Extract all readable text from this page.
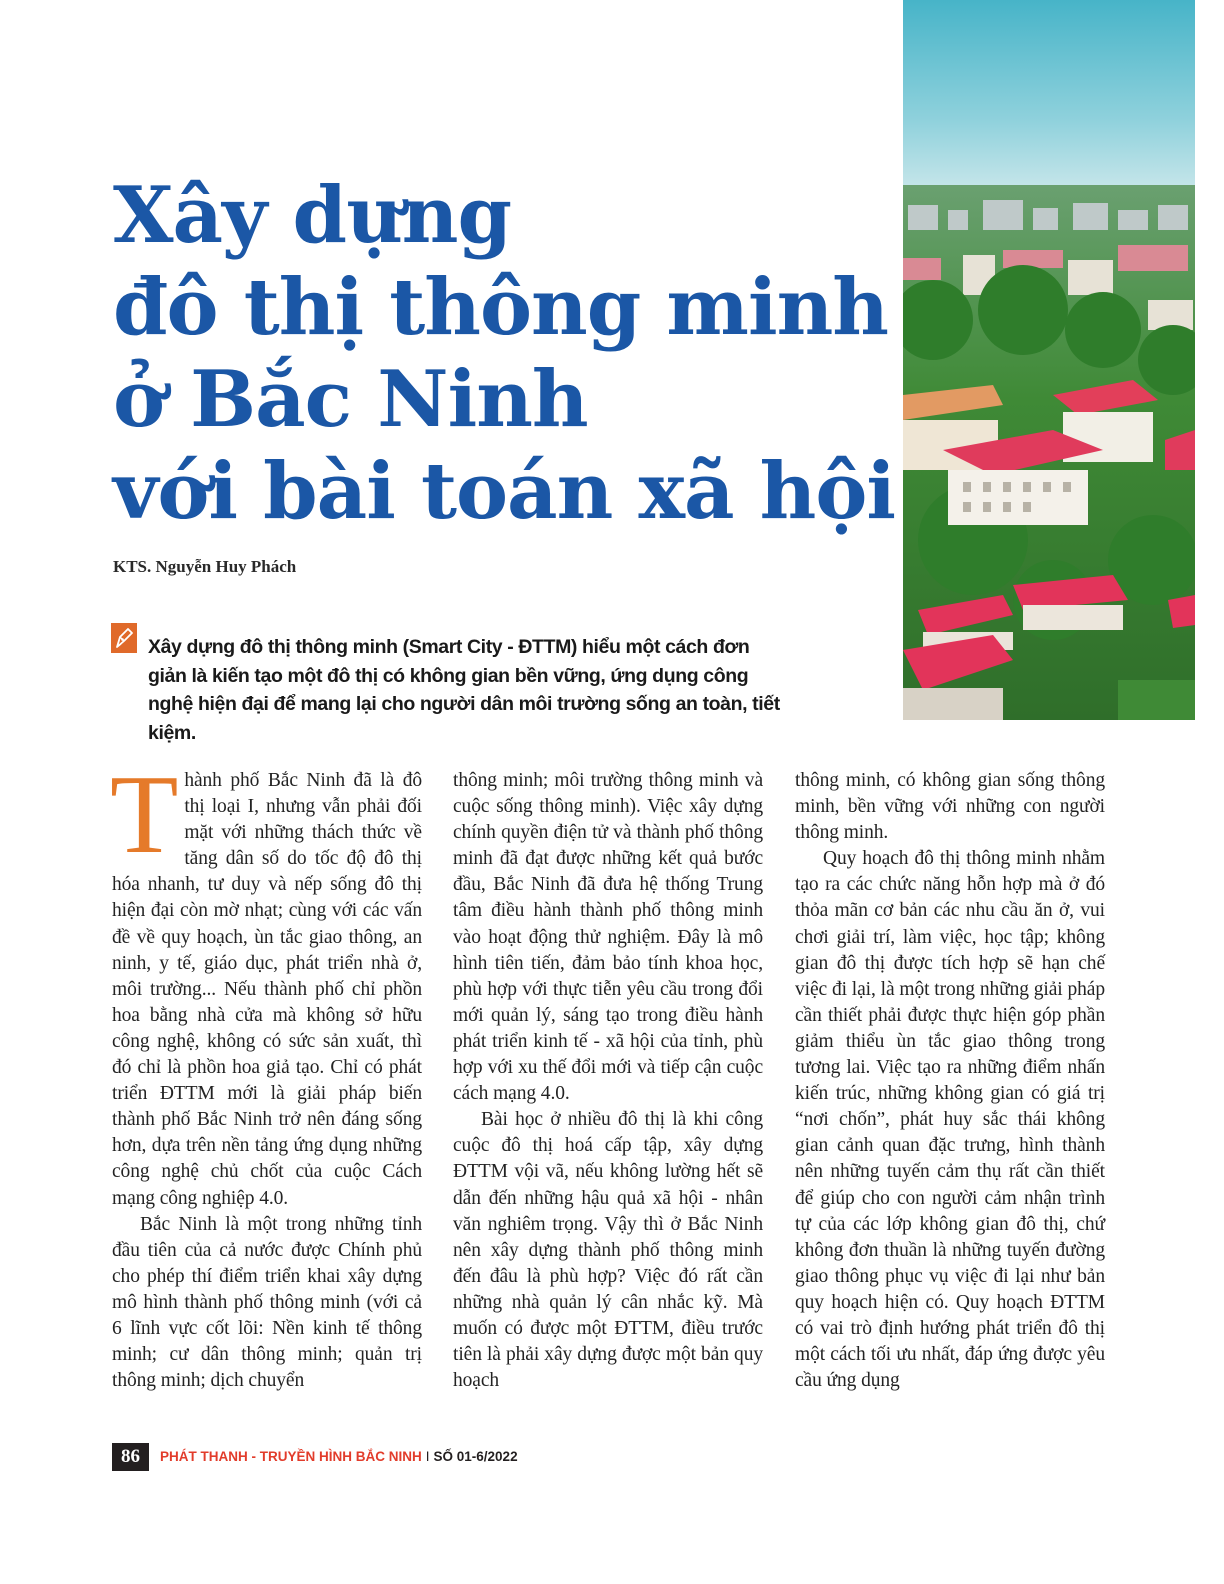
Xây dựng
đô thị thông minh
ở Bắc Ninh
với bài toán xã hội
KTS. Nguyễn Huy Phách

Xây dựng đô thị thông minh (Smart City - ĐTTM) hiểu một cách đơn giản là kiến tạo một đô thị có không gian bền vững, ứng dụng công nghệ hiện đại để mang lại cho người dân môi trường sống an toàn, tiết kiệm.

Thành phố Bắc Ninh đã là đô thị loại I, nhưng vẫn phải đối mặt với những thách thức về tăng dân số do tốc độ đô thị hóa nhanh, tư duy và nếp sống đô thị hiện đại còn mờ nhạt; cùng với các vấn đề về quy hoạch, ùn tắc giao thông, an ninh, y tế, giáo dục, phát triển nhà ở, môi trường... Nếu thành phố chỉ phồn hoa bằng nhà cửa mà không sở hữu công nghệ, không có sức sản xuất, thì đó chỉ là phồn hoa giả tạo. Chỉ có phát triển ĐTTM mới là giải pháp biến thành phố Bắc Ninh trở nên đáng sống hơn, dựa trên nền tảng ứng dụng những công nghệ chủ chốt của cuộc Cách mạng công nghiệp 4.0.

Bắc Ninh là một trong những tỉnh đầu tiên của cả nước được Chính phủ cho phép thí điểm triển khai xây dựng mô hình thành phố thông minh (với cả 6 lĩnh vực cốt lõi: Nền kinh tế thông minh; cư dân thông minh; quản trị thông minh; dịch chuyển

thông minh; môi trường thông minh và cuộc sống thông minh). Việc xây dựng chính quyền điện tử và thành phố thông minh đã đạt được những kết quả bước đầu, Bắc Ninh đã đưa hệ thống Trung tâm điều hành thành phố thông minh vào hoạt động thử nghiệm. Đây là mô hình tiên tiến, đảm bảo tính khoa học, phù hợp với thực tiễn yêu cầu trong đổi mới quản lý, sáng tạo trong điều hành phát triển kinh tế - xã hội của tỉnh, phù hợp với xu thế đổi mới và tiếp cận cuộc cách mạng 4.0.

Bài học ở nhiều đô thị là khi công cuộc đô thị hoá cấp tập, xây dựng ĐTTM vội vã, nếu không lường hết sẽ dẫn đến những hậu quả xã hội - nhân văn nghiêm trọng. Vậy thì ở Bắc Ninh nên xây dựng thành phố thông minh đến đâu là phù hợp? Việc đó rất cần những nhà quản lý cân nhắc kỹ. Mà muốn có được một ĐTTM, điều trước tiên là phải xây dựng được một bản quy hoạch

thông minh, có không gian sống thông minh, bền vững với những con người thông minh.

Quy hoạch đô thị thông minh nhằm tạo ra các chức năng hỗn hợp mà ở đó thỏa mãn cơ bản các nhu cầu ăn ở, vui chơi giải trí, làm việc, học tập; không gian đô thị được tích hợp sẽ hạn chế việc đi lại, là một trong những giải pháp cần thiết phải được thực hiện góp phần giảm thiểu ùn tắc giao thông trong tương lai. Việc tạo ra những điểm nhấn kiến trúc, những không gian có giá trị “nơi chốn”, phát huy sắc thái không gian cảnh quan đặc trưng, hình thành nên những tuyến cảm thụ rất cần thiết để giúp cho con người cảm nhận trình tự của các lớp không gian đô thị, chứ không đơn thuần là những tuyến đường giao thông phục vụ việc đi lại như bản quy hoạch hiện có. Quy hoạch ĐTTM có vai trò định hướng phát triển đô thị một cách tối ưu nhất, đáp ứng được yêu cầu ứng dụng

86	PHÁT THANH - TRUYỀN HÌNH BẮC NINH I SỐ 01-6/2022
